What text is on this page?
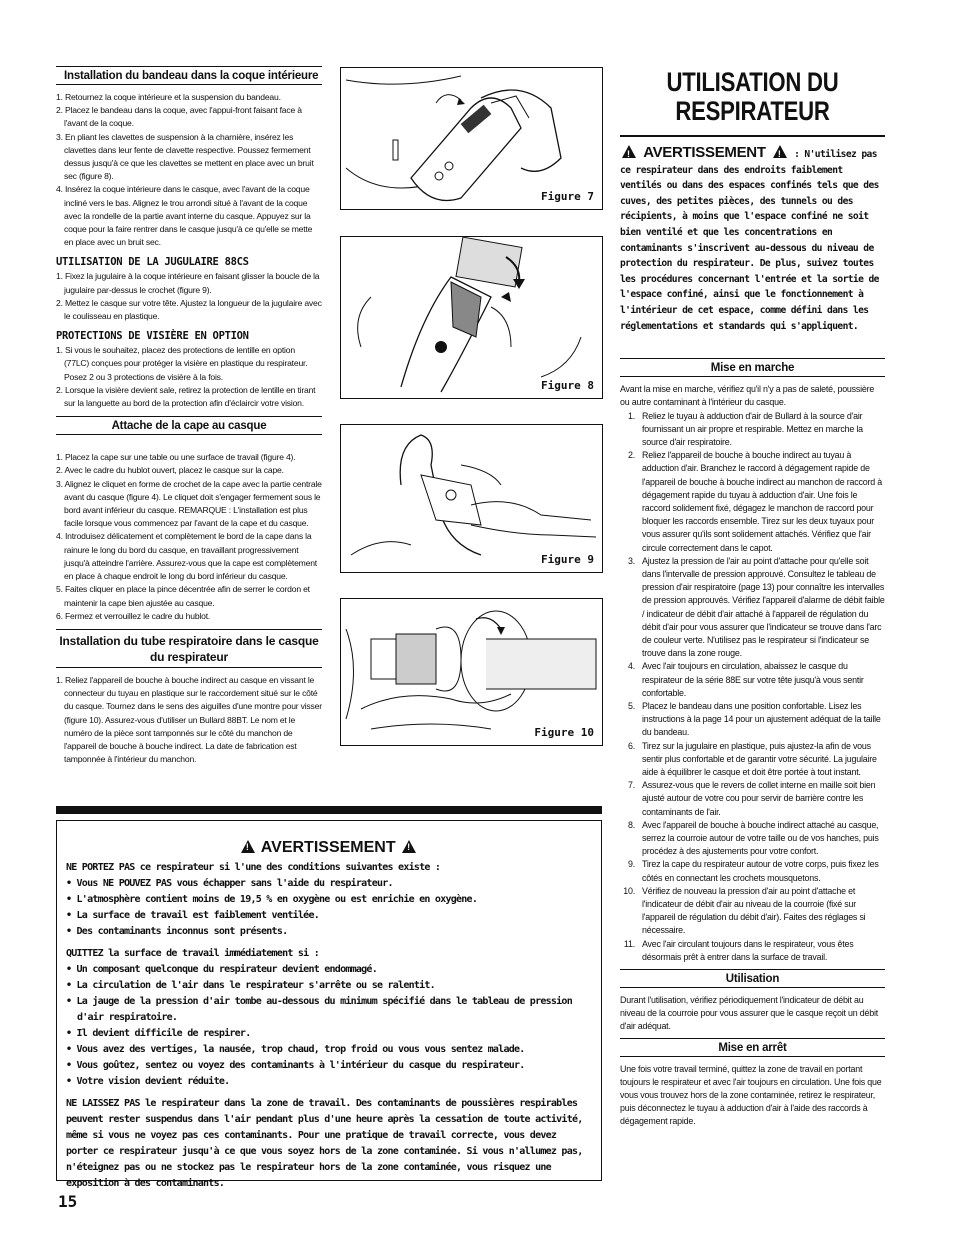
Installation du bandeau dans la coque intérieure
1. Retournez la coque intérieure et la suspension du bandeau.
2. Placez le bandeau dans la coque, avec l'appui-front faisant face à l'avant de la coque.
3. En pliant les clavettes de suspension à la charnière, insérez les clavettes dans leur fente de clavette respective. Poussez fermement dessus jusqu'à ce que les clavettes se mettent en place avec un bruit sec (figure 8).
4. Insérez la coque intérieure dans le casque, avec l'avant de la coque incliné vers le bas. Alignez le trou arrondi situé à l'avant de la coque avec la rondelle de la partie avant interne du casque. Appuyez sur la coque pour la faire rentrer dans le casque jusqu'à ce qu'elle se mette en place avec un bruit sec.
UTILISATION DE LA JUGULAIRE 88CS
1. Fixez la jugulaire à la coque intérieure en faisant glisser la boucle de la jugulaire par-dessus le crochet (figure 9).
2. Mettez le casque sur votre tête. Ajustez la longueur de la jugulaire avec le coulisseau en plastique.
PROTECTIONS DE VISIÈRE EN OPTION
1. Si vous le souhaitez, placez des protections de lentille en option (77LC) conçues pour protéger la visière en plastique du respirateur. Posez 2 ou 3 protections de visière à la fois.
2. Lorsque la visière devient sale, retirez la protection de lentille en tirant sur la languette au bord de la protection afin d'éclaircir votre vision.
Attache de la cape au casque
1. Placez la cape sur une table ou une surface de travail (figure 4).
2. Avec le cadre du hublot ouvert, placez le casque sur la cape.
3. Alignez le cliquet en forme de crochet de la cape avec la partie centrale avant du casque (figure 4). Le cliquet doit s'engager fermement sous le bord avant inférieur du casque. REMARQUE : L'installation est plus facile lorsque vous commencez par l'avant de la cape et du casque.
4. Introduisez délicatement et complètement le bord de la cape dans la rainure le long du bord du casque, en travaillant progressivement jusqu'à atteindre l'arrière. Assurez-vous que la cape est complètement en place à chaque endroit le long du bord inférieur du casque.
5. Faites cliquer en place la pince décentrée afin de serrer le cordon et maintenir la cape bien ajustée au casque.
6. Fermez et verrouillez le cadre du hublot.
Installation du tube respiratoire dans le casque du respirateur
1. Reliez l'appareil de bouche à bouche indirect au casque en vissant le connecteur du tuyau en plastique sur le raccordement situé sur le côté du casque. Tournez dans le sens des aiguilles d'une montre pour visser (figure 10). Assurez-vous d'utiliser un Bullard 88BT. Le nom et le numéro de la pièce sont tamponnés sur le côté du manchon de l'appareil de bouche à bouche indirect. La date de fabrication est tamponnée à l'intérieur du manchon.
Figure 7
Figure 8
Figure 9
Figure 10
UTILISATION DU
RESPIRATEUR
! AVERTISSEMENT !	: N'utilisez pas ce respirateur dans des endroits faiblement ventilés ou dans des espaces confinés tels que des cuves, des petites pièces, des tunnels ou des récipients, à moins que l'espace confiné ne soit bien ventilé et que les concentrations en contaminants s'inscrivent au-dessous du niveau de protection du respirateur. De plus, suivez toutes les procédures concernant l'entrée et la sortie de l'espace confiné, ainsi que le fonctionnement à l'intérieur de cet espace, comme défini dans les réglementations et standards qui s'appliquent.
Mise en marche
Avant la mise en marche, vérifiez qu'il n'y a pas de saleté, poussière ou autre contaminant à l'intérieur du casque.
1. Reliez le tuyau à adduction d'air de Bullard à la source d'air fournissant un air propre et respirable. Mettez en marche la source d'air respiratoire.
2. Reliez l'appareil de bouche à bouche indirect au tuyau à adduction d'air. Branchez le raccord à dégagement rapide de l'appareil de bouche à bouche indirect au manchon de raccord à dégagement rapide du tuyau à adduction d'air. Une fois le raccord solidement fixé, dégagez le manchon de raccord pour bloquer les raccords ensemble. Tirez sur les deux tuyaux pour vous assurer qu'ils sont solidement attachés. Vérifiez que l'air circule correctement dans le capot.
3. Ajustez la pression de l'air au point d'attache pour qu'elle soit dans l'intervalle de pression approuvé. Consultez le tableau de pression d'air respiratoire (page 13) pour connaître les intervalles de pression approuvés. Vérifiez l'appareil d'alarme de débit faible / indicateur de débit d'air attaché à l'appareil de régulation du débit d'air pour vous assurer que l'indicateur se trouve dans l'arc de couleur verte. N'utilisez pas le respirateur si l'indicateur se trouve dans la zone rouge.
4. Avec l'air toujours en circulation, abaissez le casque du respirateur de la série 88E sur votre tête jusqu'à vous sentir confortable.
5. Placez le bandeau dans une position confortable. Lisez les instructions à la page 14 pour un ajustement adéquat de la taille du bandeau.
6. Tirez sur la jugulaire en plastique, puis ajustez-la afin de vous sentir plus confortable et de garantir votre sécurité. La jugulaire aide à équilibrer le casque et doit être portée à tout instant.
7. Assurez-vous que le revers de collet interne en maille soit bien ajusté autour de votre cou pour servir de barrière contre les contaminants de l'air.
8. Avec l'appareil de bouche à bouche indirect attaché au casque, serrez la courroie autour de votre taille ou de vos hanches, puis procédez à des ajustements pour votre confort.
9. Tirez la cape du respirateur autour de votre corps, puis fixez les côtés en connectant les crochets mousquetons.
10. Vérifiez de nouveau la pression d'air au point d'attache et l'indicateur de débit d'air au niveau de la courroie (fixé sur l'appareil de régulation du débit d'air). Faites des réglages si nécessaire.
11. Avec l'air circulant toujours dans le respirateur, vous êtes désormais prêt à entrer dans la surface de travail.
Utilisation
Durant l'utilisation, vérifiez périodiquement l'indicateur de débit au niveau de la courroie pour vous assurer que le casque reçoit un débit d'air adéquat.
Mise en arrêt
Une fois votre travail terminé, quittez la zone de travail en portant toujours le respirateur et avec l'air toujours en circulation. Une fois que vous vous trouvez hors de la zone contaminée, retirez le respirateur, puis déconnectez le tuyau à adduction d'air à l'aide des raccords à dégagement rapide.
! AVERTISSEMENT !
NE PORTEZ PAS ce respirateur si l'une des conditions suivantes existe :
• Vous NE POUVEZ PAS vous échapper sans l'aide du respirateur.
• L'atmosphère contient moins de 19,5 % en oxygène ou est enrichie en oxygène.
• La surface de travail est faiblement ventilée.
• Des contaminants inconnus sont présents.
QUITTEZ la surface de travail immédiatement si :
• Un composant quelconque du respirateur devient endommagé.
• La circulation de l'air dans le respirateur s'arrête ou se ralentit.
• La jauge de la pression d'air tombe au-dessous du minimum spécifié dans le tableau de pression d'air respiratoire.
• Il devient difficile de respirer.
• Vous avez des vertiges, la nausée, trop chaud, trop froid ou vous vous sentez malade.
• Vous goûtez, sentez ou voyez des contaminants à l'intérieur du casque du respirateur.
• Votre vision devient réduite.
NE LAISSEZ PAS le respirateur dans la zone de travail. Des contaminants de poussières respirables peuvent rester suspendus dans l'air pendant plus d'une heure après la cessation de toute activité, même si vous ne voyez pas ces contaminants. Pour une pratique de travail correcte, vous devez porter ce respirateur jusqu'à ce que vous soyez hors de la zone contaminée. Si vous n'allumez pas, n'éteignez pas ou ne stockez pas le respirateur hors de la zone contaminée, vous risquez une exposition à des contaminants.
15
